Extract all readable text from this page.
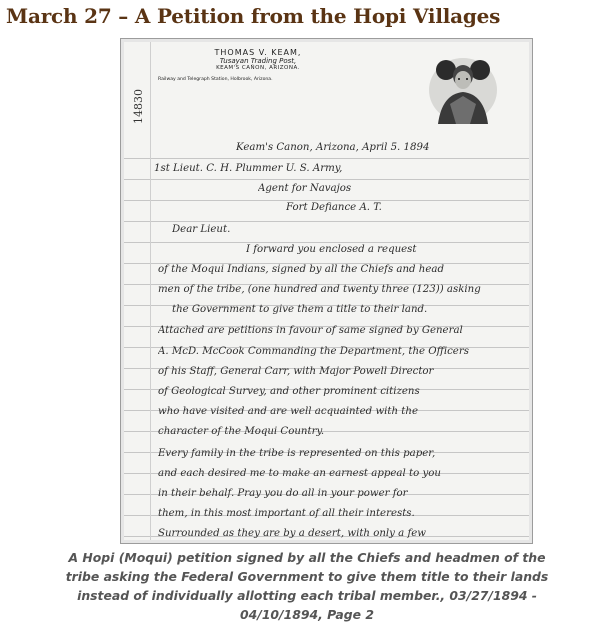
March 27 – A Petition from the Hopi Villages
THOMAS V. KEAM,
Tusayan Trading Post,
KEAM'S CAÑON, ARIZONA.
Railway and Telegraph Station, Holbrook, Arizona.
14830
Keam's Canon, Arizona, April 5. 1894
1st Lieut. C. H. Plummer U. S. Army,
Agent for Navajos
Fort Defiance A. T.
Dear Lieut.
I forward you enclosed a request
of the Moqui Indians, signed by all the Chiefs and head
men of the tribe, (one hundred and twenty three (123)) asking
the Government to give them a title to their land.
Attached are petitions in favour of same signed by General
A. McD. McCook Commanding the Department, the Officers
of his Staff, General Carr, with Major Powell Director
of Geological Survey, and other prominent citizens
who have visited and are well acquainted with the
character of the Moqui Country.
Every family in the tribe is represented on this paper,
and each desired me to make an earnest appeal to you
in their behalf. Pray you do all in your power for
them, in this most important of all their interests.
Surrounded as they are by a desert, with only a few
A Hopi (Moqui) petition signed by all the Chiefs and headmen of the tribe asking the Federal Government to give them title to their lands instead of individually allotting each tribal member., 03/27/1894 - 04/10/1894, Page 2
